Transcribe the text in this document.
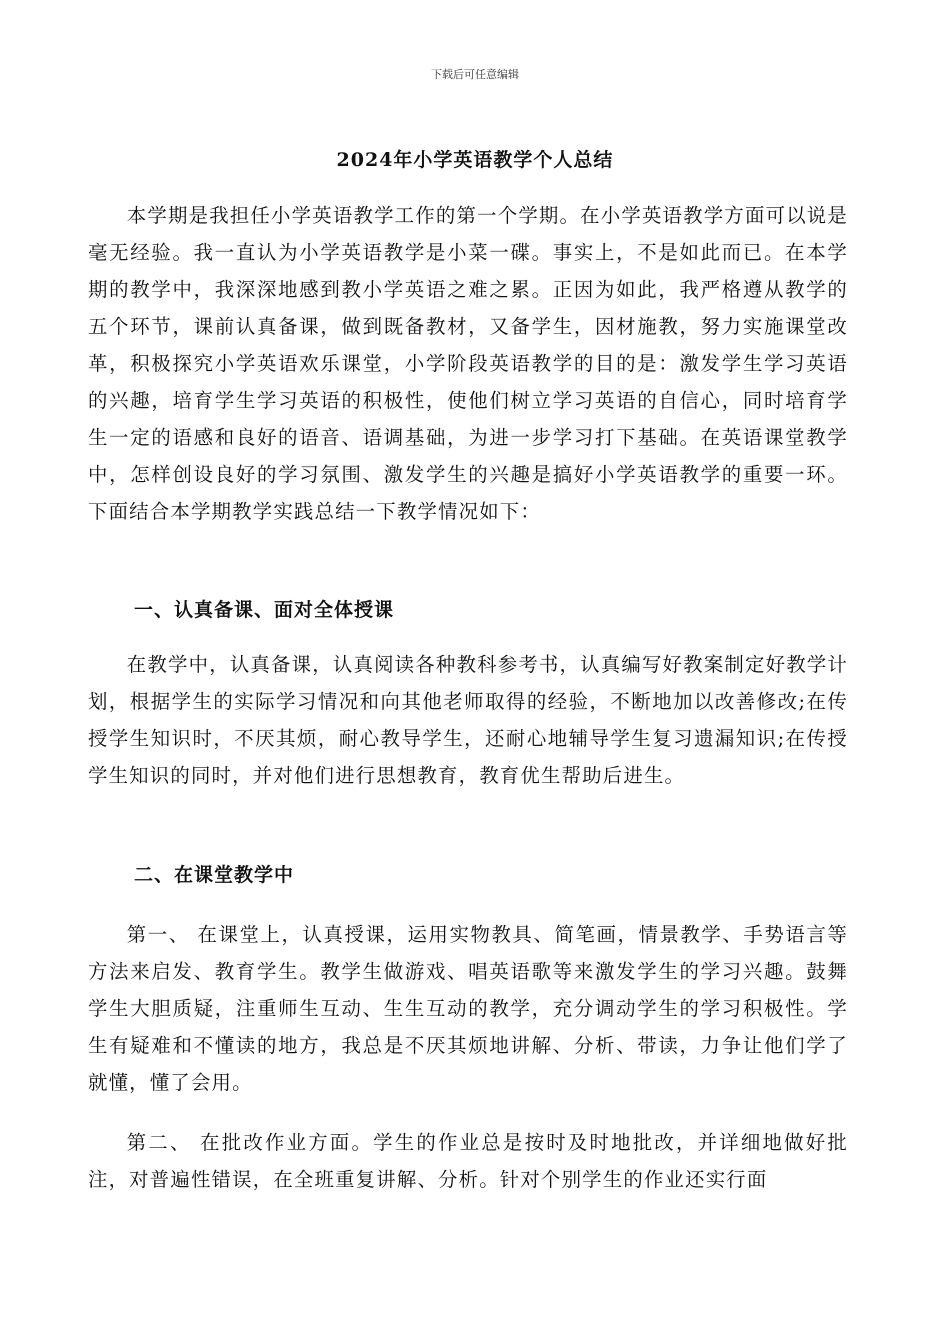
下载后可任意编辑
2024年小学英语教学个人总结

本学期是我担任小学英语教学工作的第一个学期。在小学英语教学方面可以说是毫无经验。我一直认为小学英语教学是小菜一碟。事实上，不是如此而已。在本学期的教学中，我深深地感到教小学英语之难之累。正因为如此，我严格遵从教学的五个环节，课前认真备课，做到既备教材，又备学生，因材施教，努力实施课堂改革，积极探究小学英语欢乐课堂，小学阶段英语教学的目的是：激发学生学习英语的兴趣，培育学生学习英语的积极性，使他们树立学习英语的自信心，同时培育学生一定的语感和良好的语音、语调基础，为进一步学习打下基础。在英语课堂教学中，怎样创设良好的学习氛围、激发学生的兴趣是搞好小学英语教学的重要一环。下面结合本学期教学实践总结一下教学情况如下：

一、认真备课、面对全体授课

在教学中，认真备课，认真阅读各种教科参考书，认真编写好教案制定好教学计划，根据学生的实际学习情况和向其他老师取得的经验，不断地加以改善修改;在传授学生知识时，不厌其烦，耐心教导学生，还耐心地辅导学生复习遗漏知识;在传授学生知识的同时，并对他们进行思想教育，教育优生帮助后进生。

二、在课堂教学中

第一、 在课堂上，认真授课，运用实物教具、简笔画，情景教学、手势语言等方法来启发、教育学生。教学生做游戏、唱英语歌等来激发学生的学习兴趣。鼓舞学生大胆质疑，注重师生互动、生生互动的教学，充分调动学生的学习积极性。学生有疑难和不懂读的地方，我总是不厌其烦地讲解、分析、带读，力争让他们学了就懂，懂了会用。

第二、 在批改作业方面。学生的作业总是按时及时地批改，并详细地做好批注，对普遍性错误，在全班重复讲解、分析。针对个别学生的作业还实行面
